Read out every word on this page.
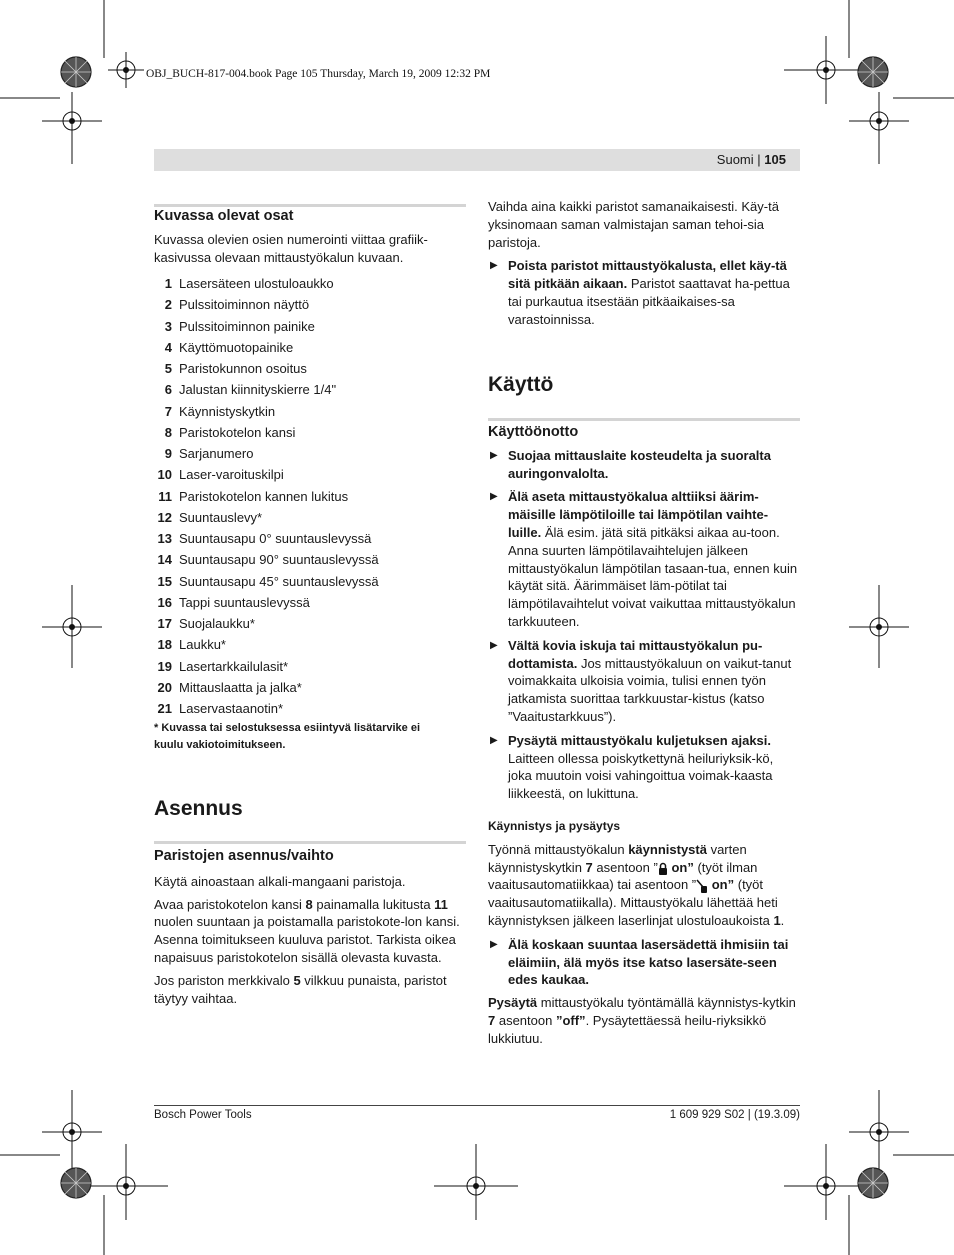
OBJ_BUCH-817-004.book Page 105 Thursday, March 19, 2009 12:32 PM
Suomi | 105

Kuvassa olevat osat

Kuvassa olevien osien numerointi viittaa grafiik-kasivussa olevaan mittaustyökalun kuvaan.

1 Lasersäteen ulostuloaukko
2 Pulssitoiminnon näyttö
3 Pulssitoiminnon painike
4 Käyttömuotopainike
5 Paristokunnon osoitus
6 Jalustan kiinnityskierre 1/4"
7 Käynnistyskytkin
8 Paristokotelon kansi
9 Sarjanumero
10 Laser-varoituskilpi
11 Paristokotelon kannen lukitus
12 Suuntauslevy*
13 Suuntausapu 0° suuntauslevyssä
14 Suuntausapu 90° suuntauslevyssä
15 Suuntausapu 45° suuntauslevyssä
16 Tappi suuntauslevyssä
17 Suojalaukku*
18 Laukku*
19 Lasertarkkailulasit*
20 Mittauslaatta ja jalka*
21 Laservastaanotin*
* Kuvassa tai selostuksessa esiintyvä lisätarvike ei
kuulu vakiotoimitukseen.

Asennus

Paristojen asennus/vaihto

Käytä ainoastaan alkali-mangaani paristoja.

Avaa paristokotelon kansi 8 painamalla lukitusta 11 nuolen suuntaan ja poistamalla paristokote-lon kansi. Asenna toimitukseen kuuluva paristot. Tarkista oikea napaisuus paristokotelon sisällä olevasta kuvasta.

Jos pariston merkkivalo 5 vilkkuu punaista, paristot täytyy vaihtaa.

Vaihda aina kaikki paristot samanaikaisesti. Käy-tä yksinomaan saman valmistajan saman tehoi-sia paristoja.

▶ Poista paristot mittaustyökalusta, ellet käy-tä sitä pitkään aikaan. Paristot saattavat ha-pettua tai purkautua itsestään pitkäaikaises-sa varastoinnissa.

Käyttö

Käyttöönotto

▶ Suojaa mittauslaite kosteudelta ja suoralta auringonvalolta.
▶ Älä aseta mittaustyökalua alttiiksi äärim-mäisille lämpötiloille tai lämpötilan vaihte-luille. Älä esim. jätä sitä pitkäksi aikaa au-toon. Anna suurten lämpötilavaihtelujen jälkeen mittaustyökalun lämpötilan tasaan-tua, ennen kuin käytät sitä. Äärimmäiset läm-pötilat tai lämpötilavaihtelut voivat vaikuttaa mittaustyökalun tarkkuuteen.
▶ Vältä kovia iskuja tai mittaustyökalun pu-dottamista. Jos mittaustyökaluun on vaikut-tanut voimakkaita ulkoisia voimia, tulisi ennen työn jatkamista suorittaa tarkkuustar-kistus (katso ”Vaaitustarkkuus”).
▶ Pysäytä mittaustyökalu kuljetuksen ajaksi. Laitteen ollessa poiskytkettynä heiluriyksik-kö, joka muutoin voisi vahingoittua voimak-kaasta liikkeestä, on lukittuna.

Käynnistys ja pysäytys

Työnnä mittaustyökalun käynnistystä varten käynnistyskytkin 7 asentoon ” on” (työt ilman vaaitusautomatiikkaa) tai asentoon ” on” (työt vaaitusautomatiikalla). Mittaustyökalu lähettää heti käynnistyksen jälkeen laserlinjat ulostuloaukoista 1.

▶ Älä koskaan suuntaa lasersädettä ihmisiin tai eläimiin, älä myös itse katso lasersäte-seen edes kaukaa.

Pysäytä mittaustyökalu työntämällä käynnistys-kytkin 7 asentoon ”off”. Pysäytettäessä heilu-riyksikkö lukkiutuu.

Bosch Power Tools	1 609 929 S02 | (19.3.09)
